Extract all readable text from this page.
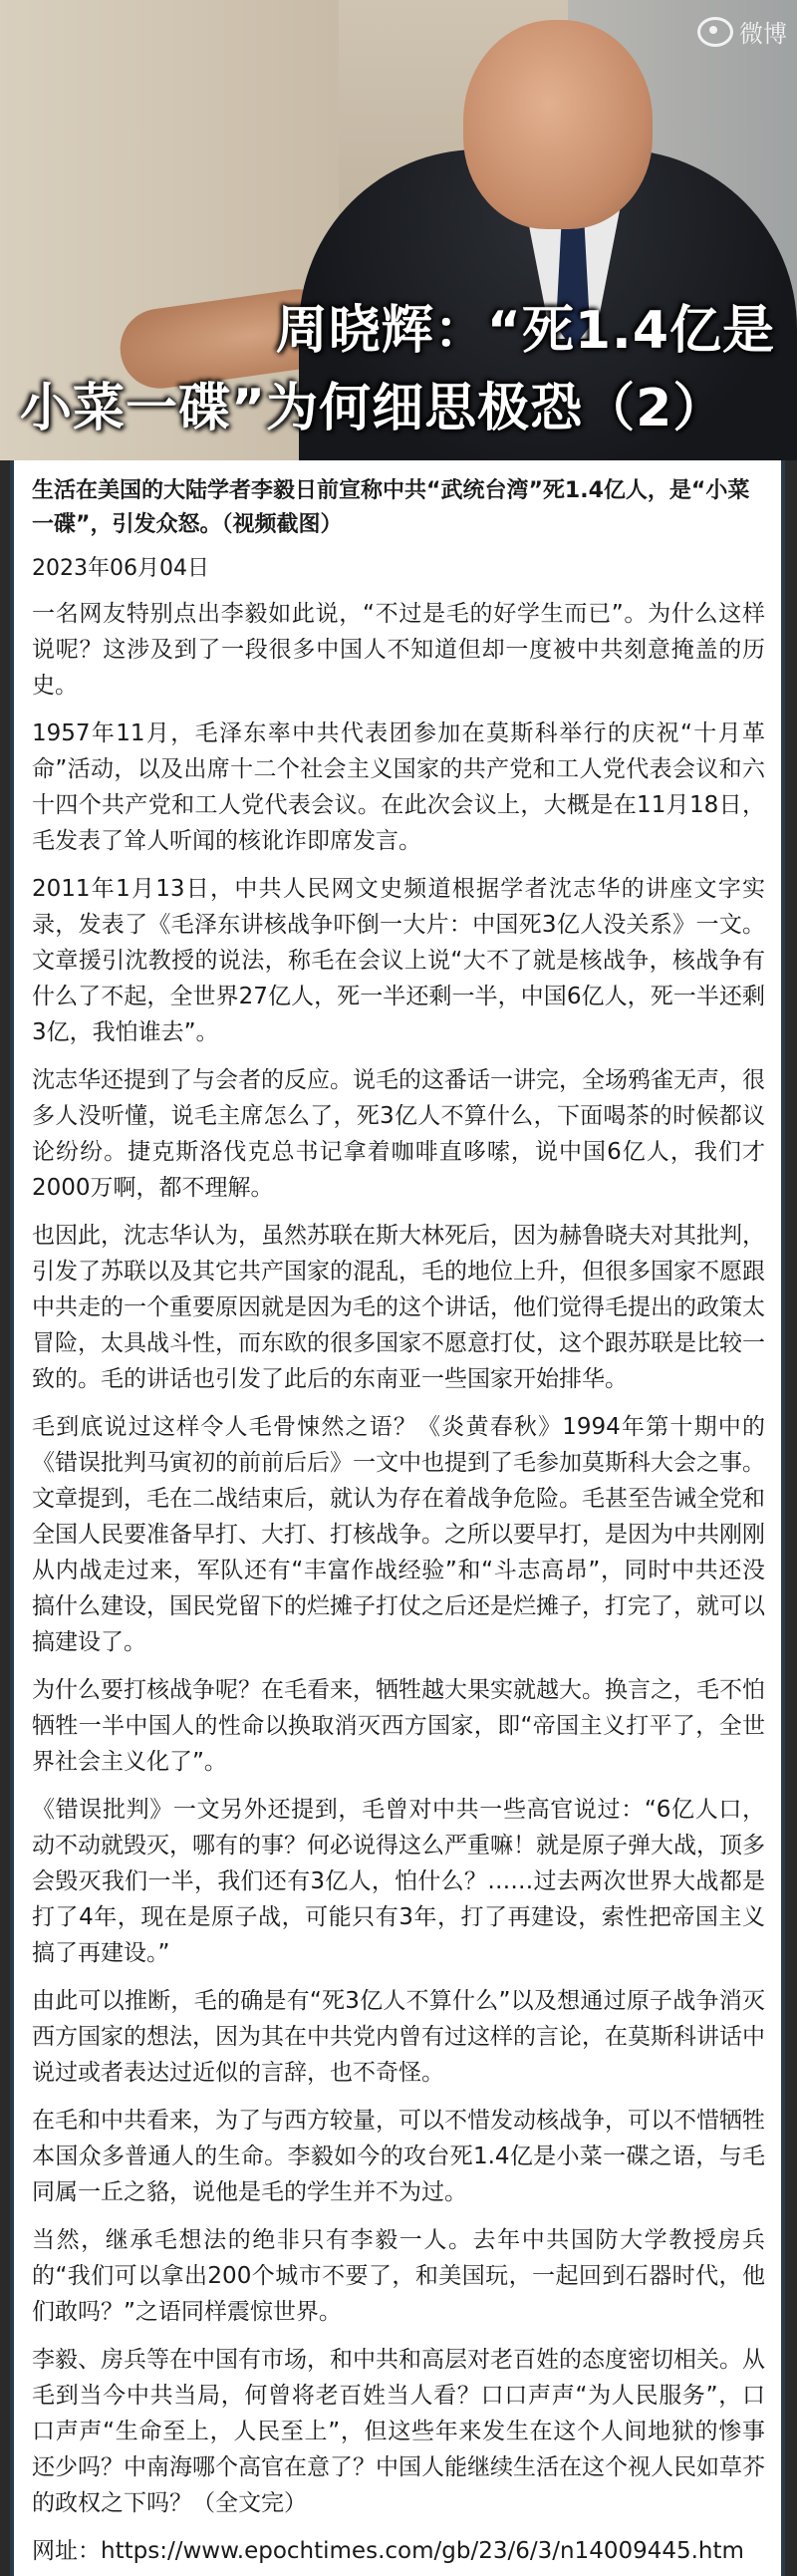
微博
周晓辉：“死1.4亿是
小菜一碟”为何细思极恐（2）

生活在美国的大陆学者李毅日前宣称中共“武统台湾”死1.4亿人，是“小菜一碟”，引发众怒。（视频截图）

2023年06月04日

一名网友特别点出李毅如此说，“不过是毛的好学生而已”。为什么这样说呢？这涉及到了一段很多中国人不知道但却一度被中共刻意掩盖的历史。

1957年11月，毛泽东率中共代表团参加在莫斯科举行的庆祝“十月革命”活动，以及出席十二个社会主义国家的共产党和工人党代表会议和六十四个共产党和工人党代表会议。在此次会议上，大概是在11月18日，毛发表了耸人听闻的核讹诈即席发言。

2011年1月13日，中共人民网文史频道根据学者沈志华的讲座文字实录，发表了《毛泽东讲核战争吓倒一大片：中国死3亿人没关系》一文。文章援引沈教授的说法，称毛在会议上说“大不了就是核战争，核战争有什么了不起，全世界27亿人，死一半还剩一半，中国6亿人，死一半还剩3亿，我怕谁去”。

沈志华还提到了与会者的反应。说毛的这番话一讲完，全场鸦雀无声，很多人没听懂，说毛主席怎么了，死3亿人不算什么，下面喝茶的时候都议论纷纷。捷克斯洛伐克总书记拿着咖啡直哆嗦，说中国6亿人，我们才2000万啊，都不理解。

也因此，沈志华认为，虽然苏联在斯大林死后，因为赫鲁晓夫对其批判，引发了苏联以及其它共产国家的混乱，毛的地位上升，但很多国家不愿跟中共走的一个重要原因就是因为毛的这个讲话，他们觉得毛提出的政策太冒险，太具战斗性，而东欧的很多国家不愿意打仗，这个跟苏联是比较一致的。毛的讲话也引发了此后的东南亚一些国家开始排华。

毛到底说过这样令人毛骨悚然之语？《炎黄春秋》1994年第十期中的《错误批判马寅初的前前后后》一文中也提到了毛参加莫斯科大会之事。文章提到，毛在二战结束后，就认为存在着战争危险。毛甚至告诫全党和全国人民要准备早打、大打、打核战争。之所以要早打，是因为中共刚刚从内战走过来，军队还有“丰富作战经验”和“斗志高昂”，同时中共还没搞什么建设，国民党留下的烂摊子打仗之后还是烂摊子，打完了，就可以搞建设了。

为什么要打核战争呢？在毛看来，牺牲越大果实就越大。换言之，毛不怕牺牲一半中国人的性命以换取消灭西方国家，即“帝国主义打平了，全世界社会主义化了”。

《错误批判》一文另外还提到，毛曾对中共一些高官说过：“6亿人口，动不动就毁灭，哪有的事？何必说得这么严重嘛！就是原子弹大战，顶多会毁灭我们一半，我们还有3亿人，怕什么？……过去两次世界大战都是打了4年，现在是原子战，可能只有3年，打了再建设，索性把帝国主义搞了再建设。”

由此可以推断，毛的确是有“死3亿人不算什么”以及想通过原子战争消灭西方国家的想法，因为其在中共党内曾有过这样的言论，在莫斯科讲话中说过或者表达过近似的言辞，也不奇怪。

在毛和中共看来，为了与西方较量，可以不惜发动核战争，可以不惜牺牲本国众多普通人的生命。李毅如今的攻台死1.4亿是小菜一碟之语，与毛同属一丘之貉，说他是毛的学生并不为过。

当然，继承毛想法的绝非只有李毅一人。去年中共国防大学教授房兵的“我们可以拿出200个城市不要了，和美国玩，一起回到石器时代，他们敢吗？”之语同样震惊世界。

李毅、房兵等在中国有市场，和中共和高层对老百姓的态度密切相关。从毛到当今中共当局，何曾将老百姓当人看？口口声声“为人民服务”，口口声声“生命至上，人民至上”，但这些年来发生在这个人间地狱的惨事还少吗？中南海哪个高官在意了？中国人能继续生活在这个视人民如草芥的政权之下吗？（全文完）

网址：https://www.epochtimes.com/gb/23/6/3/n14009445.htm
